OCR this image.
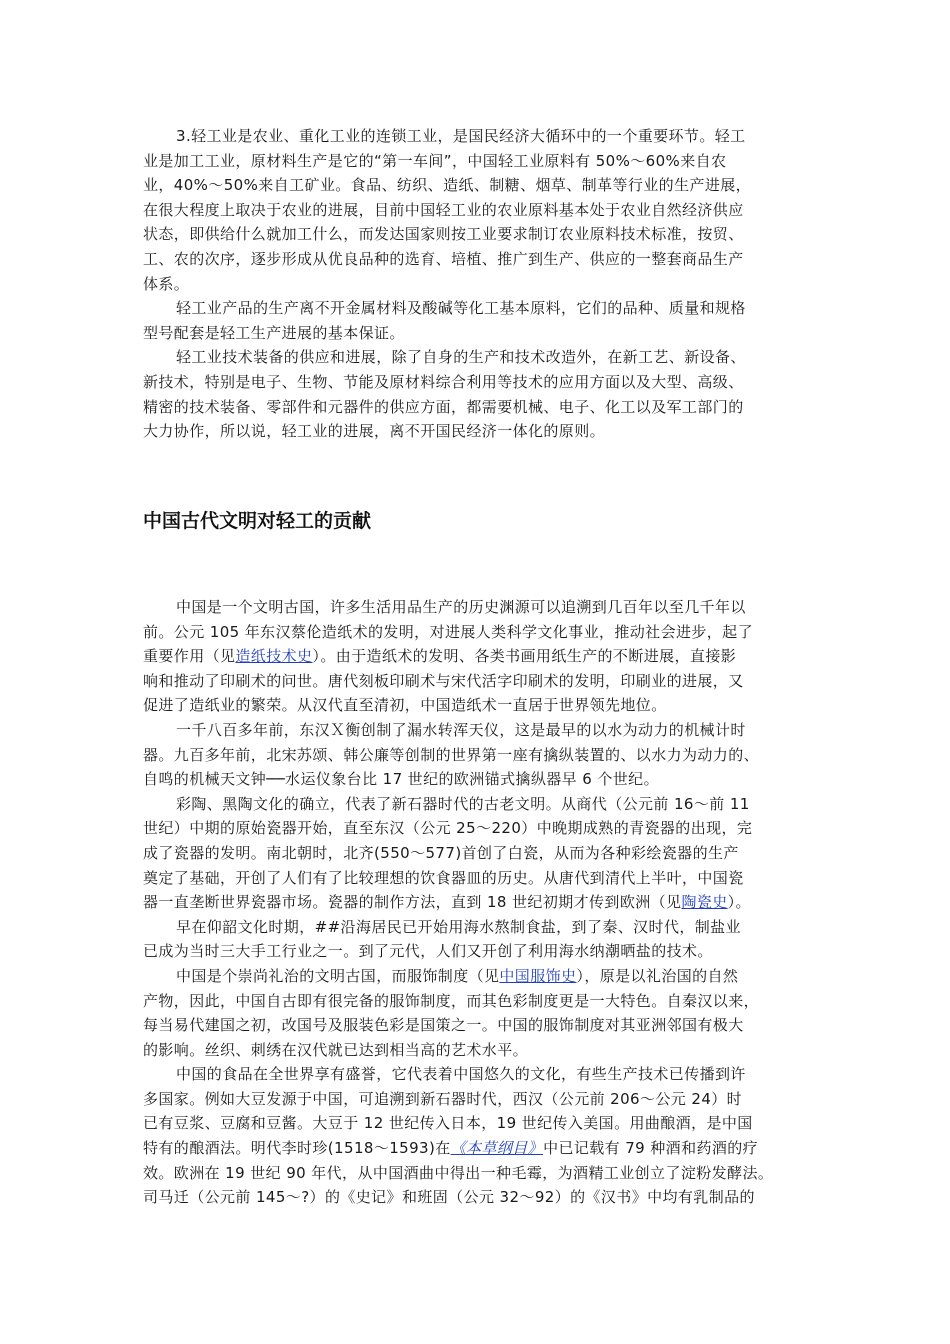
3.轻工业是农业、重化工业的连锁工业，是国民经济大循环中的一个重要环节。轻工
业是加工工业，原材料生产是它的“第一车间”，中国轻工业原料有 50%～60%来自农
业，40%～50%来自工矿业。食品、纺织、造纸、制糖、烟草、制革等行业的生产进展，
在很大程度上取决于农业的进展，目前中国轻工业的农业原料基本处于农业自然经济供应
状态，即供给什么就加工什么，而发达国家则按工业要求制订农业原料技术标准，按贸、
工、农的次序，逐步形成从优良品种的选育、培植、推广到生产、供应的一整套商品生产
体系。
轻工业产品的生产离不开金属材料及酸碱等化工基本原料，它们的品种、质量和规格
型号配套是轻工生产进展的基本保证。
轻工业技术装备的供应和进展，除了自身的生产和技术改造外，在新工艺、新设备、
新技术，特别是电子、生物、节能及原材料综合利用等技术的应用方面以及大型、高级、
精密的技术装备、零部件和元器件的供应方面，都需要机械、电子、化工以及军工部门的
大力协作，所以说，轻工业的进展，离不开国民经济一体化的原则。
中国古代文明对轻工的贡献
中国是一个文明古国，许多生活用品生产的历史渊源可以追溯到几百年以至几千年以
前。公元 105 年东汉蔡伦造纸术的发明，对进展人类科学文化事业，推动社会进步，起了
重要作用（见造纸技术史）。由于造纸术的发明、各类书画用纸生产的不断进展，直接影
响和推动了印刷术的问世。唐代刻板印刷术与宋代活字印刷术的发明，印刷业的进展，又
促进了造纸业的繁荣。从汉代直至清初，中国造纸术一直居于世界领先地位。
一千八百多年前，东汉Ｘ衡创制了漏水转浑天仪，这是最早的以水为动力的机械计时
器。九百多年前，北宋苏颂、韩公廉等创制的世界第一座有擒纵装置的、以水力为动力的、
自鸣的机械天文钟──水运仪象台比 17 世纪的欧洲锚式擒纵器早 6 个世纪。
彩陶、黑陶文化的确立，代表了新石器时代的古老文明。从商代（公元前 16～前 11
世纪）中期的原始瓷器开始，直至东汉（公元 25～220）中晚期成熟的青瓷器的出现，完
成了瓷器的发明。南北朝时，北齐(550～577)首创了白瓷，从而为各种彩绘瓷器的生产
奠定了基础，开创了人们有了比较理想的饮食器皿的历史。从唐代到清代上半叶，中国瓷
器一直垄断世界瓷器市场。瓷器的制作方法，直到 18 世纪初期才传到欧洲（见陶瓷史）。
早在仰韶文化时期，##沿海居民已开始用海水熬制食盐，到了秦、汉时代，制盐业
已成为当时三大手工行业之一。到了元代，人们又开创了利用海水纳潮晒盐的技术。
中国是个崇尚礼治的文明古国，而服饰制度（见中国服饰史），原是以礼治国的自然
产物，因此，中国自古即有很完备的服饰制度，而其色彩制度更是一大特色。自秦汉以来，
每当易代建国之初，改国号及服装色彩是国策之一。中国的服饰制度对其亚洲邻国有极大
的影响。丝织、刺绣在汉代就已达到相当高的艺术水平。
中国的食品在全世界享有盛誉，它代表着中国悠久的文化，有些生产技术已传播到许
多国家。例如大豆发源于中国，可追溯到新石器时代，西汉（公元前 206～公元 24）时
已有豆浆、豆腐和豆酱。大豆于 12 世纪传入日本，19 世纪传入美国。用曲酿酒，是中国
特有的酿酒法。明代李时珍(1518～1593)在《本草纲目》中已记载有 79 种酒和药酒的疗
效。欧洲在 19 世纪 90 年代，从中国酒曲中得出一种毛霉，为酒精工业创立了淀粉发酵法。
司马迁（公元前 145～?）的《史记》和班固（公元 32～92）的《汉书》中均有乳制品的
